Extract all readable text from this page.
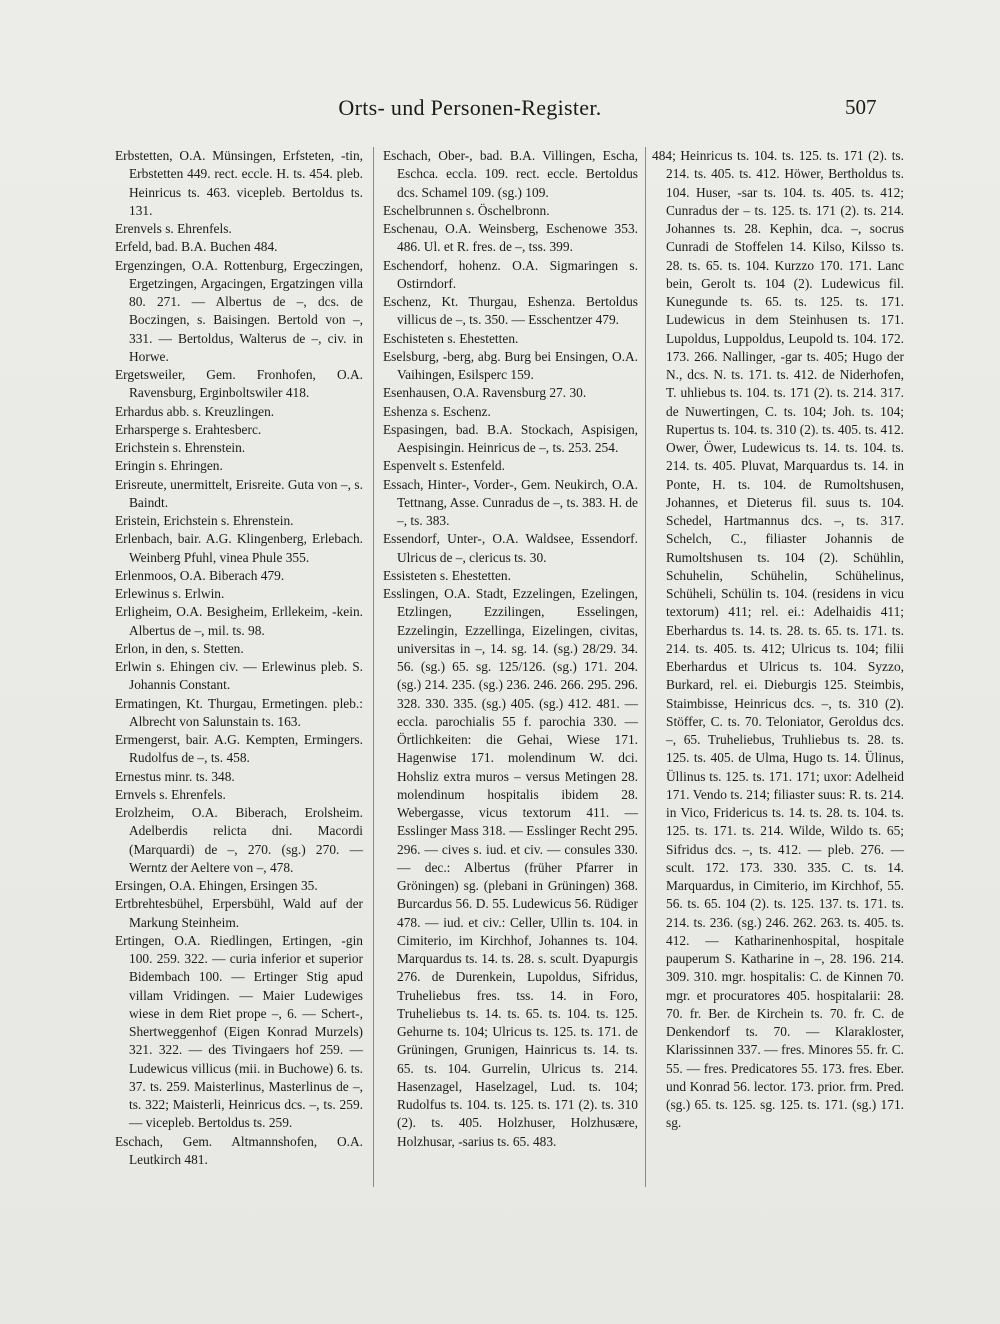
Orts- und Personen-Register.	507

Erbstetten, O.A. Münsingen, Erfsteten, -tin, Erbstetten 449. rect. eccle. H. ts. 454. pleb. Heinricus ts. 463. vicepleb. Bertoldus ts. 131.

Erenvels s. Ehrenfels.

Erfeld, bad. B.A. Buchen 484.

Ergenzingen, O.A. Rottenburg, Ergeczingen, Ergetzingen, Argacingen, Ergatzingen villa 80. 271. — Albertus de –, dcs. de Boczingen, s. Baisingen. Bertold von –, 331. — Bertoldus, Walterus de –, civ. in Horwe.

Ergetsweiler, Gem. Fronhofen, O.A. Ravensburg, Erginboltswiler 418.

Erhardus abb. s. Kreuzlingen.

Erharsperge s. Erahtesberc.

Erichstein s. Ehrenstein.

Eringin s. Ehringen.

Erisreute, unermittelt, Erisreite. Guta von –, s. Baindt.

Eristein, Erichstein s. Ehrenstein.

Erlenbach, bair. A.G. Klingenberg, Erlebach. Weinberg Pfuhl, vinea Phule 355.

Erlenmoos, O.A. Biberach 479.

Erlewinus s. Erlwin.

Erligheim, O.A. Besigheim, Erllekeim, -kein. Albertus de –, mil. ts. 98.

Erlon, in den, s. Stetten.

Erlwin s. Ehingen civ. — Erlewinus pleb. S. Johannis Constant.

Ermatingen, Kt. Thurgau, Ermetingen. pleb.: Albrecht von Salunstain ts. 163.

Ermengerst, bair. A.G. Kempten, Ermingers. Rudolfus de –, ts. 458.

Ernestus minr. ts. 348.

Ernvels s. Ehrenfels.

Erolzheim, O.A. Biberach, Erolsheim. Adelberdis relicta dni. Macordi (Marquardi) de –, 270. (sg.) 270. — Werntz der Aeltere von –, 478.

Ersingen, O.A. Ehingen, Ersingen 35.

Ertbrehtesbühel, Erpersbühl, Wald auf der Markung Steinheim.

Ertingen, O.A. Riedlingen, Ertingen, -gin 100. 259. 322. — curia inferior et superior Bidembach 100. — Ertinger Stig apud villam Vridingen. — Maier Ludewiges wiese in dem Riet prope –, 6. — Schert-, Shertweggenhof (Eigen Konrad Murzels) 321. 322. — des Tivingaers hof 259. — Ludewicus villicus (mii. in Buchowe) 6. ts. 37. ts. 259. Maisterlinus, Masterlinus de –, ts. 322; Maisterli, Heinricus dcs. –, ts. 259. — vicepleb. Bertoldus ts. 259.

Eschach, Gem. Altmannshofen, O.A. Leutkirch 481.

Eschach, Ober-, bad. B.A. Villingen, Escha, Eschca. eccla. 109. rect. eccle. Bertoldus dcs. Schamel 109. (sg.) 109.

Eschelbrunnen s. Öschelbronn.

Eschenau, O.A. Weinsberg, Eschenowe 353. 486. Ul. et R. fres. de –, tss. 399.

Eschendorf, hohenz. O.A. Sigmaringen s. Ostirndorf.

Eschenz, Kt. Thurgau, Eshenza. Bertoldus villicus de –, ts. 350. — Esschentzer 479.

Eschisteten s. Ehestetten.

Eselsburg, -berg, abg. Burg bei Ensingen, O.A. Vaihingen, Esilsperc 159.

Esenhausen, O.A. Ravensburg 27. 30.

Eshenza s. Eschenz.

Espasingen, bad. B.A. Stockach, Aspisigen, Aespisingin. Heinricus de –, ts. 253. 254.

Espenvelt s. Estenfeld.

Essach, Hinter-, Vorder-, Gem. Neukirch, O.A. Tettnang, Asse. Cunradus de –, ts. 383. H. de –, ts. 383.

Essendorf, Unter-, O.A. Waldsee, Essendorf. Ulricus de –, clericus ts. 30.

Essisteten s. Ehestetten.

Esslingen, O.A. Stadt, Ezzelingen, Ezelingen, Etzlingen, Ezzilingen, Esselingen, Ezzelingin, Ezzellinga, Eizelingen, civitas, universitas in –, 14. sg. 14. (sg.) 28/29. 34. 56. (sg.) 65. sg. 125/126. (sg.) 171. 204. (sg.) 214. 235. (sg.) 236. 246. 266. 295. 296. 328. 330. 335. (sg.) 405. (sg.) 412. 481. — eccla. parochialis 55 f. parochia 330. — Örtlichkeiten: die Gehai, Wiese 171. Hagenwise 171. molendinum W. dci. Hohsliz extra muros – versus Metingen 28. molendinum hospitalis ibidem 28. Webergasse, vicus textorum 411. — Esslinger Mass 318. — Esslinger Recht 295. 296. — cives s. iud. et civ. — consules 330. — dec.: Albertus (früher Pfarrer in Gröningen) sg. (plebani in Grüningen) 368. Burcardus 56. D. 55. Ludewicus 56. Rüdiger 478. — iud. et civ.: Celler, Ullin ts. 104. in Cimiterio, im Kirchhof, Johannes ts. 104. Marquardus ts. 14. ts. 28. s. scult. Dyapurgis 276. de Durenkein, Lupoldus, Sifridus, Truheliebus fres. tss. 14. in Foro, Truheliebus ts. 14. ts. 65. ts. 104. ts. 125. Gehurne ts. 104; Ulricus ts. 125. ts. 171. de Grüningen, Grunigen, Hainricus ts. 14. ts. 65. ts. 104. Gurrelin, Ulricus ts. 214. Hasenzagel, Haselzagel, Lud. ts. 104; Rudolfus ts. 104. ts. 125. ts. 171 (2). ts. 310 (2). ts. 405. Holzhuser, Holzhusære, Holzhusar, -sarius ts. 65. 483.

484; Heinricus ts. 104. ts. 125. ts. 171 (2). ts. 214. ts. 405. ts. 412. Höwer, Bertholdus ts. 104. Huser, -sar ts. 104. ts. 405. ts. 412; Cunradus der – ts. 125. ts. 171 (2). ts. 214. Johannes ts. 28. Kephin, dca. –, socrus Cunradi de Stoffelen 14. Kilso, Kilsso ts. 28. ts. 65. ts. 104. Kurzzo 170. 171. Lanc bein, Gerolt ts. 104 (2). Ludewicus fil. Kunegunde ts. 65. ts. 125. ts. 171. Ludewicus in dem Steinhusen ts. 171. Lupoldus, Luppoldus, Leupold ts. 104. 172. 173. 266. Nallinger, -gar ts. 405; Hugo der N., dcs. N. ts. 171. ts. 412. de Niderhofen, T. uhliebus ts. 104. ts. 171 (2). ts. 214. 317. de Nuwertingen, C. ts. 104; Joh. ts. 104; Rupertus ts. 104. ts. 310 (2). ts. 405. ts. 412. Ower, Öwer, Ludewicus ts. 14. ts. 104. ts. 214. ts. 405. Pluvat, Marquardus ts. 14. in Ponte, H. ts. 104. de Rumoltshusen, Johannes, et Dieterus fil. suus ts. 104. Schedel, Hartmannus dcs. –, ts. 317. Schelch, C., filiaster Johannis de Rumoltshusen ts. 104 (2). Schühlin, Schuhelin, Schühelin, Schühelinus, Schüheli, Schülin ts. 104. (residens in vicu textorum) 411; rel. ei.: Adelhaidis 411; Eberhardus ts. 14. ts. 28. ts. 65. ts. 171. ts. 214. ts. 405. ts. 412; Ulricus ts. 104; filii Eberhardus et Ulricus ts. 104. Syzzo, Burkard, rel. ei. Dieburgis 125. Steimbis, Staimbisse, Heinricus dcs. –, ts. 310 (2). Stöffer, C. ts. 70. Teloniator, Geroldus dcs. –, 65. Truheliebus, Truhliebus ts. 28. ts. 125. ts. 405. de Ulma, Hugo ts. 14. Ülinus, Üllinus ts. 125. ts. 171. 171; uxor: Adelheid 171. Vendo ts. 214; filiaster suus: R. ts. 214. in Vico, Fridericus ts. 14. ts. 28. ts. 104. ts. 125. ts. 171. ts. 214. Wilde, Wildo ts. 65; Sifridus dcs. –, ts. 412. — pleb. 276. — scult. 172. 173. 330. 335. C. ts. 14. Marquardus, in Cimiterio, im Kirchhof, 55. 56. ts. 65. 104 (2). ts. 125. 137. ts. 171. ts. 214. ts. 236. (sg.) 246. 262. 263. ts. 405. ts. 412. — Katharinenhospital, hospitale pauperum S. Katharine in –, 28. 196. 214. 309. 310. mgr. hospitalis: C. de Kinnen 70. mgr. et procuratores 405. hospitalarii: 28. 70. fr. Ber. de Kirchein ts. 70. fr. C. de Denkendorf ts. 70. — Klarakloster, Klarissinnen 337. — fres. Minores 55. fr. C. 55. — fres. Predicatores 55. 173. fres. Eber. und Konrad 56. lector. 173. prior. frm. Pred. (sg.) 65. ts. 125. sg. 125. ts. 171. (sg.) 171. sg.
